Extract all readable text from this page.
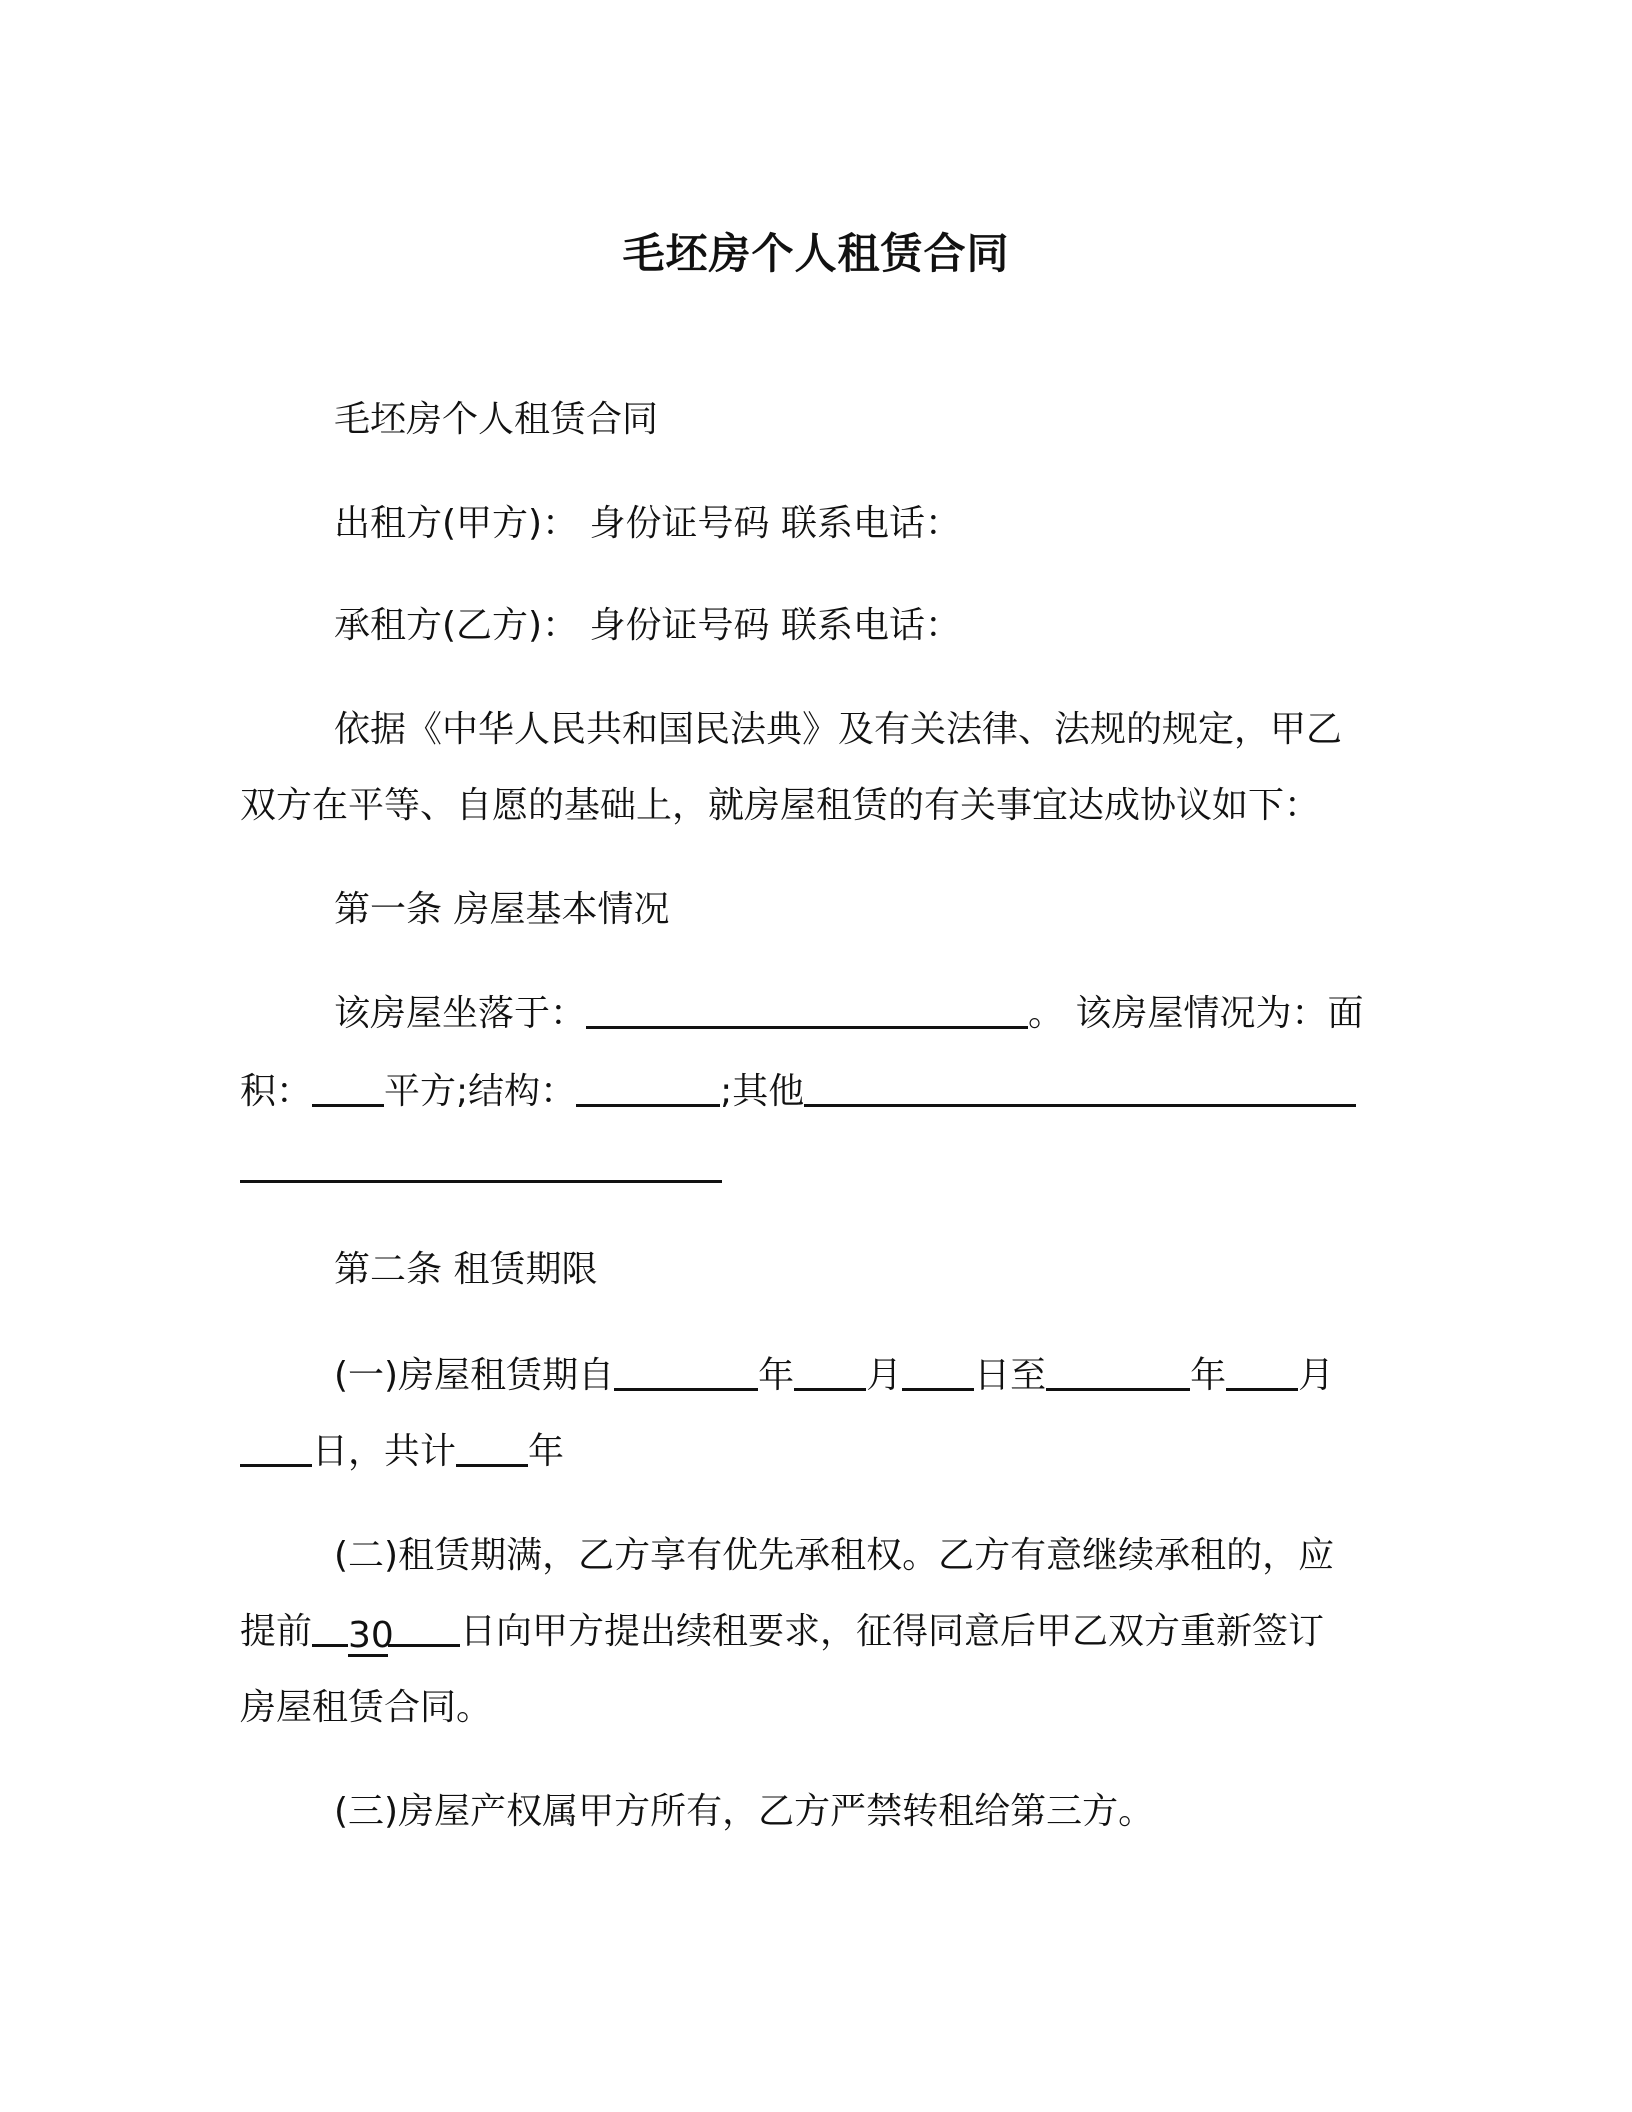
毛坯房个人租赁合同
毛坯房个人租赁合同
出租方(甲方)： 身份证号码 联系电话：
承租方(乙方)： 身份证号码 联系电话：
依据《中华人民共和国民法典》及有关法律、法规的规定，甲乙
双方在平等、自愿的基础上，就房屋租赁的有关事宜达成协议如下：
第一条 房屋基本情况
该房屋坐落于：	。 该房屋情况为：面
积： 平方;结构：	;其他
第二条 租赁期限
(一)房屋租赁期自	年 月 日至	年 月
日，共计 年
(二)租赁期满，乙方享有优先承租权。乙方有意继续承租的，应
提前 30 日向甲方提出续租要求，征得同意后甲乙双方重新签订
房屋租赁合同。
(三)房屋产权属甲方所有，乙方严禁转租给第三方。
